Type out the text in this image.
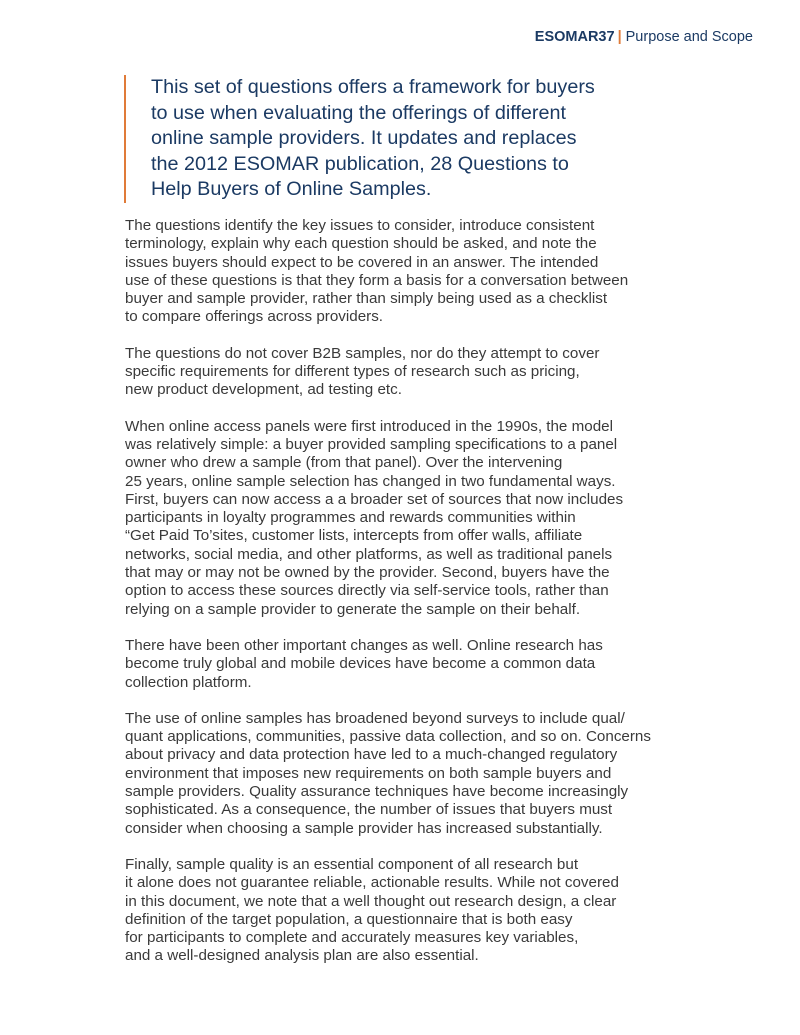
ESOMAR37 | Purpose and Scope
This set of questions offers a framework for buyers
to use when evaluating the offerings of different
online sample providers. It updates and replaces
the 2012 ESOMAR publication, 28 Questions to
Help Buyers of Online Samples.

The questions identify the key issues to consider, introduce consistent
terminology, explain why each question should be asked, and note the
issues buyers should expect to be covered in an answer. The intended
use of these questions is that they form a basis for a conversation between
buyer and sample provider, rather than simply being used as a checklist
to compare offerings across providers.

The questions do not cover B2B samples, nor do they attempt to cover
specific requirements for different types of research such as pricing,
new product development, ad testing etc.

When online access panels were first introduced in the 1990s, the model
was relatively simple: a buyer provided sampling specifications to a panel
owner who drew a sample (from that panel). Over the intervening
25 years, online sample selection has changed in two fundamental ways.
First, buyers can now access a a broader set of sources that now includes
participants in loyalty programmes and rewards communities within
“Get Paid To’sites, customer lists, intercepts from offer walls, affiliate
networks, social media, and other platforms, as well as traditional panels
that may or may not be owned by the provider. Second, buyers have the
option to access these sources directly via self-service tools, rather than
relying on a sample provider to generate the sample on their behalf.

There have been other important changes as well. Online research has
become truly global and mobile devices have become a common data
collection platform.

The use of online samples has broadened beyond surveys to include qual/
quant applications, communities, passive data collection, and so on. Concerns
about privacy and data protection have led to a much-changed regulatory
environment that imposes new requirements on both sample buyers and
sample providers. Quality assurance techniques have become increasingly
sophisticated. As a consequence, the number of issues that buyers must
consider when choosing a sample provider has increased substantially.

Finally, sample quality is an essential component of all research but
it alone does not guarantee reliable, actionable results. While not covered
in this document, we note that a well thought out research design, a clear
definition of the target population, a questionnaire that is both easy
for participants to complete and accurately measures key variables,
and a well-designed analysis plan are also essential.
